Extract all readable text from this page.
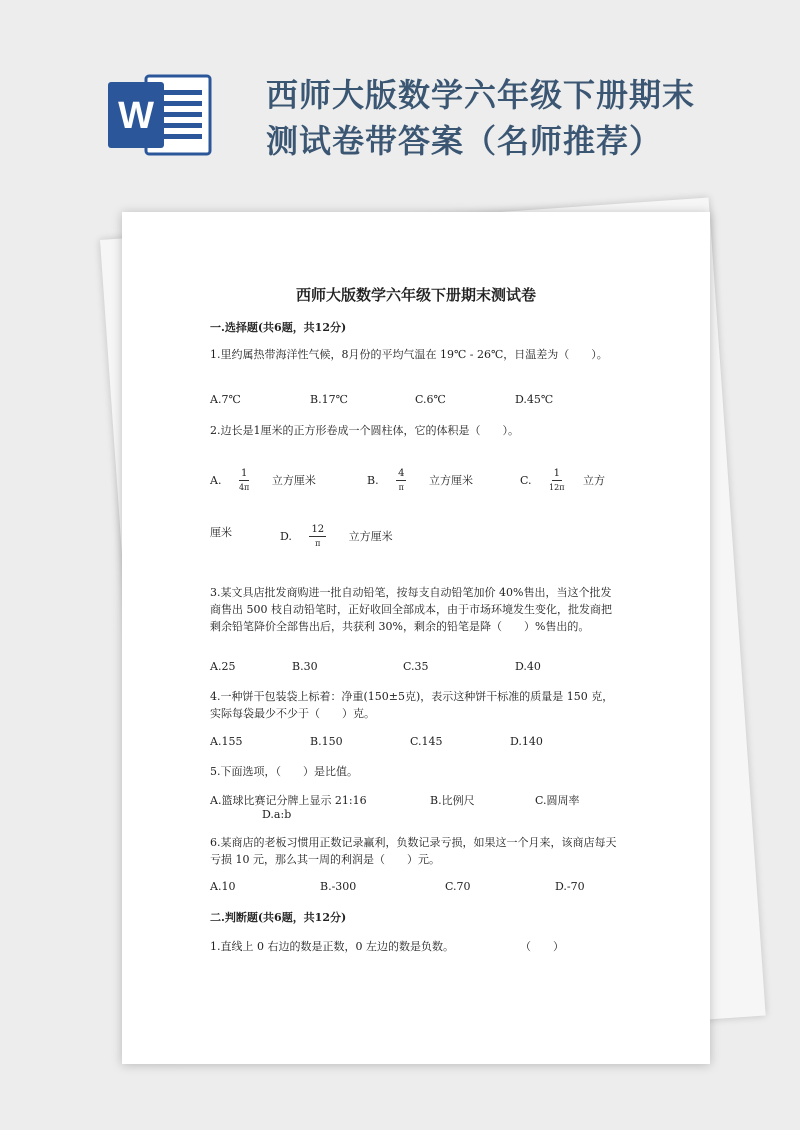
W	西师大版数学六年级下册期末
测试卷带答案（名师推荐）
西师大版数学六年级下册期末测试卷
一.选择题(共6题，共12分)
1.里约属热带海洋性气候，8月份的平均气温在 19℃ - 26℃，日温差为（　　）。
A.7℃	B.17℃	C.6℃	D.45℃
2.边长是1厘米的正方形卷成一个圆柱体，它的体积是（　　）。
A. $\frac{1}{4\pi}$ 立方厘米	B. $\frac{4}{\pi}$ 立方厘米	C. $\frac{1}{12\pi}$ 立方
厘米	D. $\frac{12}{\pi}$ 立方厘米
3.某文具店批发商购进一批自动铅笔，按每支自动铅笔加价 40%售出，当这个批发商售出 500 枝自动铅笔时，正好收回全部成本，由于市场环境发生变化，批发商把剩余铅笔降价全部售出后，共获利 30%，剩余的铅笔是降（　　）%售出的。
A.25	B.30	C.35	D.40
4.一种饼干包装袋上标着：净重(150±5克)，表示这种饼干标准的质量是 150 克，实际每袋最少不少于（　　）克。
A.155	B.150	C.145	D.140
5.下面选项，（　　）是比值。
A.篮球比赛记分牌上显示 21:16	B.比例尺	C.圆周率
D.a:b
6.某商店的老板习惯用正数记录赢利，负数记录亏损，如果这一个月来，该商店每天亏损 10 元，那么其一周的利润是（　　）元。
A.10	B.-300	C.70	D.-70
二.判断题(共6题，共12分)
1.直线上 0 右边的数是正数，0 左边的数是负数。	（　　）
